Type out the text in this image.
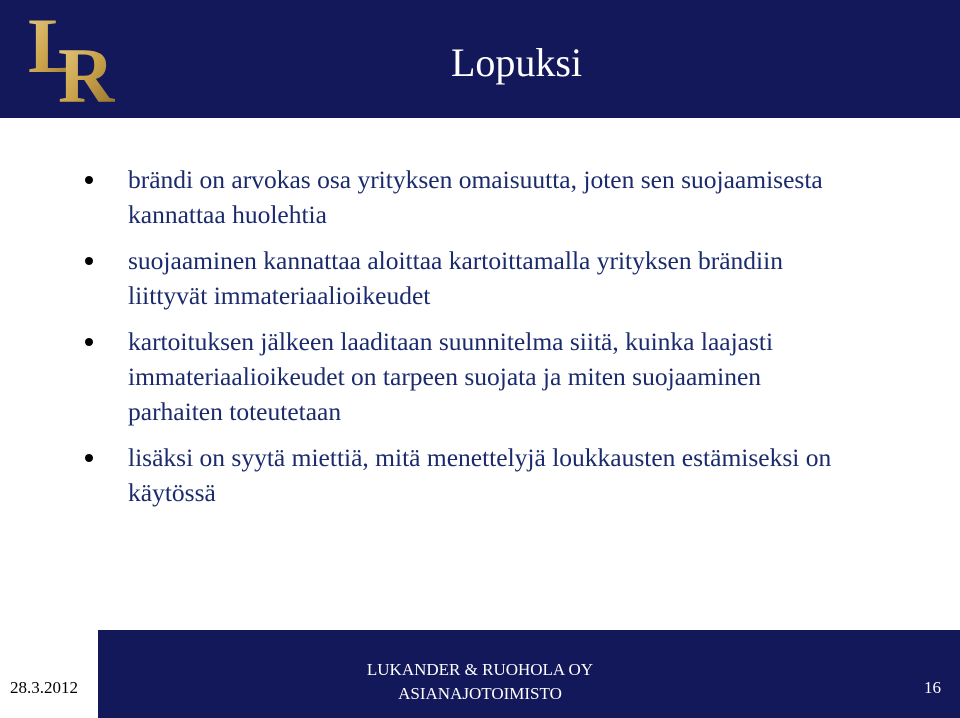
L
R	Lopuksi
brändi on arvokas osa yrityksen omaisuutta, joten sen suojaamisesta kannattaa huolehtia
suojaaminen kannattaa aloittaa kartoittamalla yrityksen brändiin liittyvät immateriaalioikeudet
kartoituksen jälkeen laaditaan suunnitelma siitä, kuinka laajasti immateriaalioikeudet on tarpeen suojata ja miten suojaaminen parhaiten toteutetaan
lisäksi on syytä miettiä, mitä menettelyjä loukkausten estämiseksi on käytössä
28.3.2012
LUKANDER & RUOHOLA OY
ASIANAJOTOIMISTO	16
